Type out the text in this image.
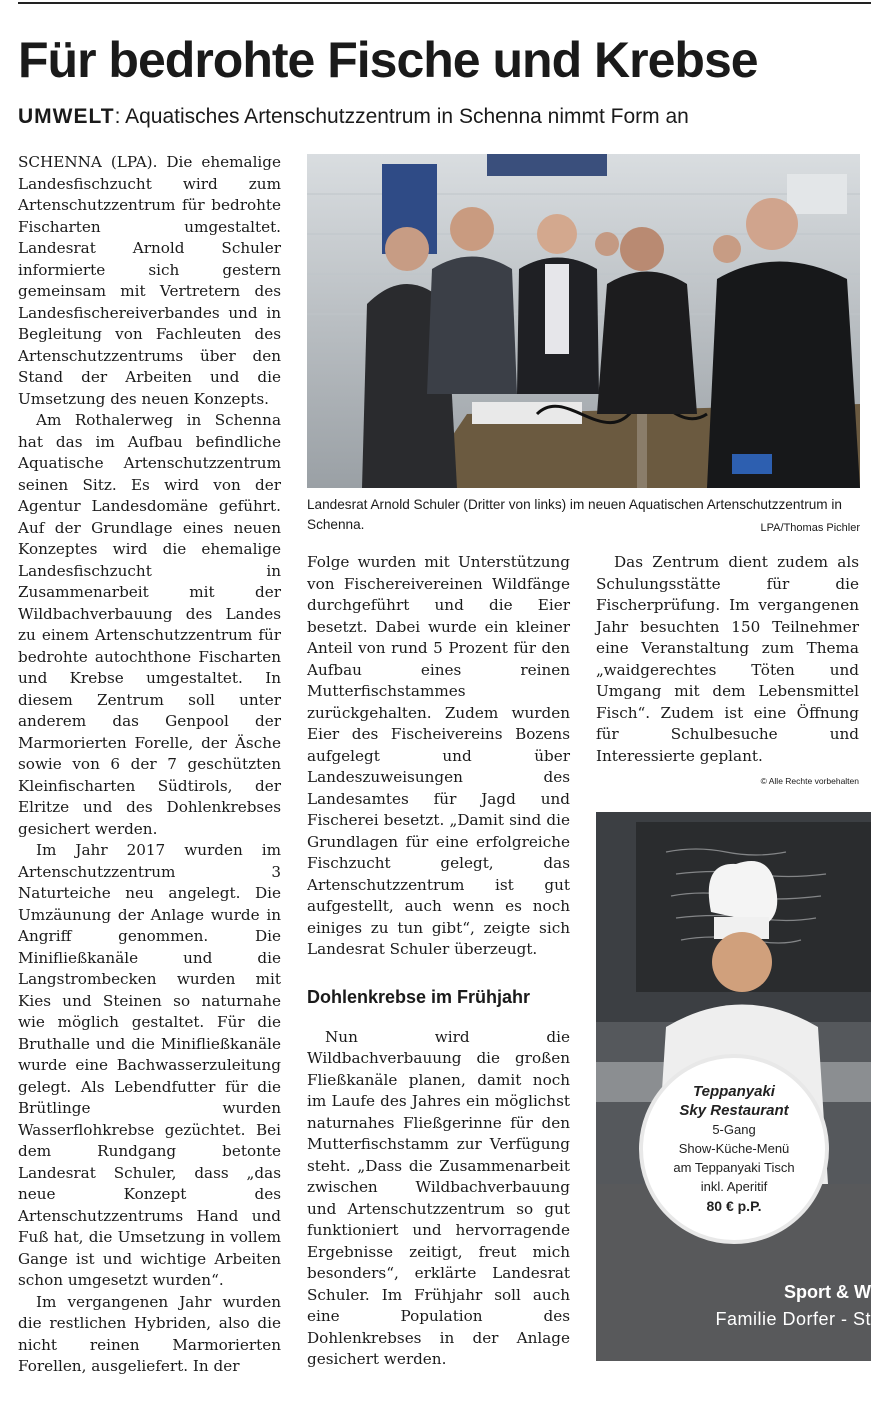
Für bedrohte Fische und Krebse
UMWELT: Aquatisches Artenschutzzentrum in Schenna nimmt Form an

SCHENNA (LPA). Die ehemalige Landesfischzucht wird zum Artenschutzzentrum für bedrohte Fischarten umgestaltet. Landesrat Arnold Schuler informierte sich gestern gemeinsam mit Vertretern des Landesfischereiverbandes und in Begleitung von Fachleuten des Artenschutzzentrums über den Stand der Arbeiten und die Umsetzung des neuen Konzepts.

Am Rothalerweg in Schenna hat das im Aufbau befindliche Aquatische Artenschutzzentrum seinen Sitz. Es wird von der Agentur Landesdomäne geführt. Auf der Grundlage eines neuen Konzeptes wird die ehemalige Landesfischzucht in Zusammenarbeit mit der Wildbachverbauung des Landes zu einem Artenschutzzentrum für bedrohte autochthone Fischarten und Krebse umgestaltet. In diesem Zentrum soll unter anderem das Genpool der Marmorierten Forelle, der Äsche sowie von 6 der 7 geschützten Kleinfischarten Südtirols, der Elritze und des Dohlenkrebses gesichert werden.

Im Jahr 2017 wurden im Artenschutzzentrum 3 Naturteiche neu angelegt. Die Umzäunung der Anlage wurde in Angriff genommen. Die Minifließkanäle und die Langstrombecken wurden mit Kies und Steinen so naturnahe wie möglich gestaltet. Für die Bruthalle und die Minifließkanäle wurde eine Bachwasserzuleitung gelegt. Als Lebendfutter für die Brütlinge wurden Wasserflohkrebse gezüchtet. Bei dem Rundgang betonte Landesrat Schuler, dass „das neue Konzept des Artenschutzzentrums Hand und Fuß hat, die Umsetzung in vollem Gange ist und wichtige Arbeiten schon umgesetzt wurden“.

Im vergangenen Jahr wurden die restlichen Hybriden, also die nicht reinen Marmorierten Forellen, ausgeliefert. In der

Landesrat Arnold Schuler (Dritter von links) im neuen Aquatischen Artenschutzzentrum in Schenna.	LPA/Thomas Pichler

Folge wurden mit Unterstützung von Fischereivereinen Wildfänge durchgeführt und die Eier besetzt. Dabei wurde ein kleiner Anteil von rund 5 Prozent für den Aufbau eines reinen Mutterfischstammes zurückgehalten. Zudem wurden Eier des Fischeivereins Bozens aufgelegt und über Landeszuweisungen des Landesamtes für Jagd und Fischerei besetzt. „Damit sind die Grundlagen für eine erfolgreiche Fischzucht gelegt, das Artenschutzzentrum ist gut aufgestellt, auch wenn es noch einiges zu tun gibt“, zeigte sich Landesrat Schuler überzeugt.

Dohlenkrebse im Frühjahr

Nun wird die Wildbachverbauung die großen Fließkanäle planen, damit noch im Laufe des Jahres ein möglichst naturnahes Fließgerinne für den Mutterfischstamm zur Verfügung steht. „Dass die Zusammenarbeit zwischen Wildbachverbauung und Artenschutzzentrum so gut funktioniert und hervorragende Ergebnisse zeitigt, freut mich besonders“, erklärte Landesrat Schuler. Im Frühjahr soll auch eine Population des Dohlenkrebses in der Anlage gesichert werden.

Das Zentrum dient zudem als Schulungsstätte für die Fischerprüfung. Im vergangenen Jahr besuchten 150 Teilnehmer eine Veranstaltung zum Thema „waidgerechtes Töten und Umgang mit dem Lebensmittel Fisch“. Zudem ist eine Öffnung für Schulbesuche und Interessierte geplant.
© Alle Rechte vorbehalten

Teppanyaki
Sky Restaurant
5-Gang
Show-Küche-Menü
am Teppanyaki Tisch
inkl. Aperitif
80 € p.P.
Sport & W
Familie Dorfer - St
